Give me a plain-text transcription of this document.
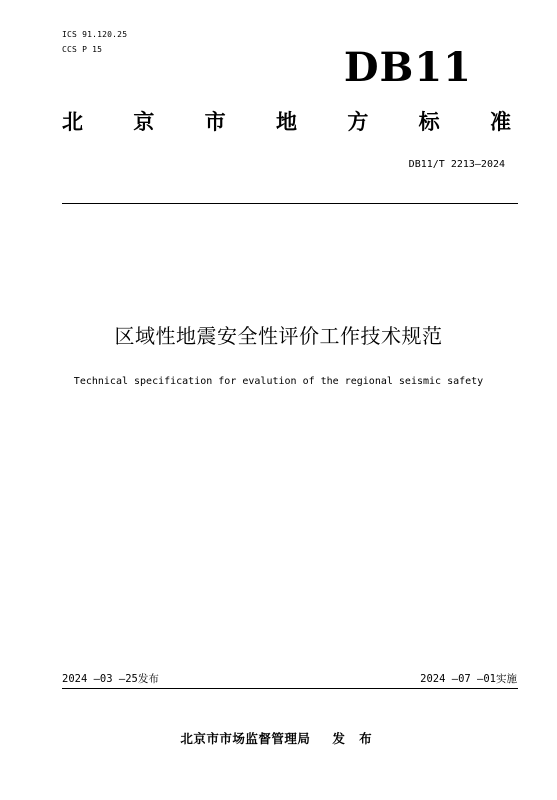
ICS 91.120.25
CCS P 15	DB11
北 京 市 地 方 标 准
DB11/T 2213—2024
区域性地震安全性评价工作技术规范
Technical specification for evalution of the regional seismic safety
2024 —03 —25发布	2024 —07 —01实施
北京市市场监督管理局 发 布
